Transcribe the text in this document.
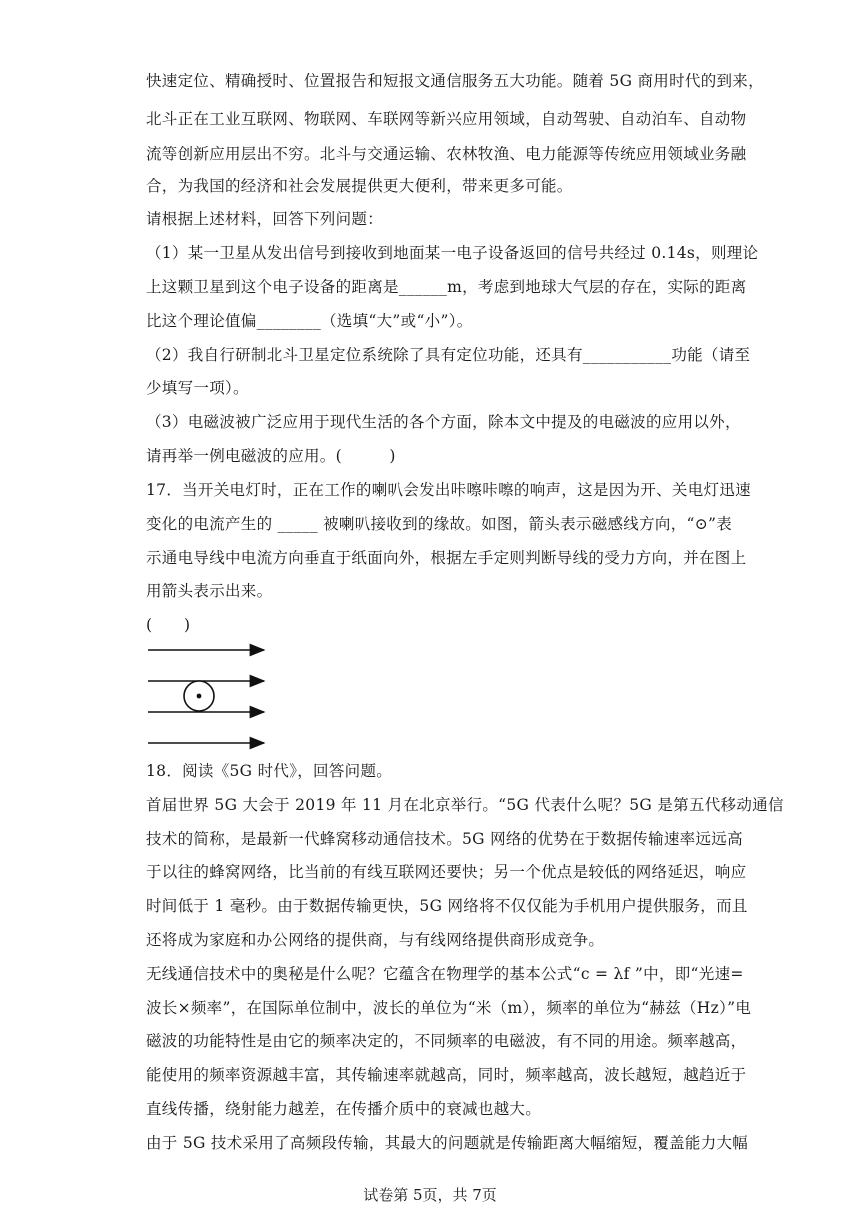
快速定位、精确授时、位置报告和短报文通信服务五大功能。随着 5G 商用时代的到来，
北斗正在工业互联网、物联网、车联网等新兴应用领域，自动驾驶、自动泊车、自动物
流等创新应用层出不穷。北斗与交通运输、农林牧渔、电力能源等传统应用领域业务融
合，为我国的经济和社会发展提供更大便利，带来更多可能。
请根据上述材料，回答下列问题：
（1）某一卫星从发出信号到接收到地面某一电子设备返回的信号共经过 0.14s，则理论
上这颗卫星到这个电子设备的距离是______m，考虑到地球大气层的存在，实际的距离
比这个理论值偏________（选填“大”或“小”）。
（2）我自行研制北斗卫星定位系统除了具有定位功能，还具有___________功能（请至
少填写一项）。
（3）电磁波被广泛应用于现代生活的各个方面，除本文中提及的电磁波的应用以外，
请再举一例电磁波的应用。(　　　)
17．当开关电灯时，正在工作的喇叭会发出咔嚓咔嚓的响声，这是因为开、关电灯迅速
变化的电流产生的 _____ 被喇叭接收到的缘故。如图，箭头表示磁感线方向，“⊙”表
示通电导线中电流方向垂直于纸面向外，根据左手定则判断导线的受力方向，并在图上
用箭头表示出来。
(　　)
18．阅读《5G 时代》，回答问题。
首届世界 5G 大会于 2019 年 11 月在北京举行。“5G 代表什么呢？5G 是第五代移动通信
技术的简称，是最新一代蜂窝移动通信技术。5G 网络的优势在于数据传输速率远远高
于以往的蜂窝网络，比当前的有线互联网还要快；另一个优点是较低的网络延迟，响应
时间低于 1 毫秒。由于数据传输更快，5G 网络将不仅仅能为手机用户提供服务，而且
还将成为家庭和办公网络的提供商，与有线网络提供商形成竞争。
无线通信技术中的奥秘是什么呢？它蕴含在物理学的基本公式“c = λf ”中，即“光速=
波长×频率”，在国际单位制中，波长的单位为“米（m），频率的单位为“赫兹（Hz）”电
磁波的功能特性是由它的频率决定的，不同频率的电磁波，有不同的用途。频率越高，
能使用的频率资源越丰富，其传输速率就越高，同时，频率越高，波长越短，越趋近于
直线传播，绕射能力越差，在传播介质中的衰减也越大。
由于 5G 技术采用了高频段传输，其最大的问题就是传输距离大幅缩短，覆盖能力大幅
试卷第 5页，共 7页
